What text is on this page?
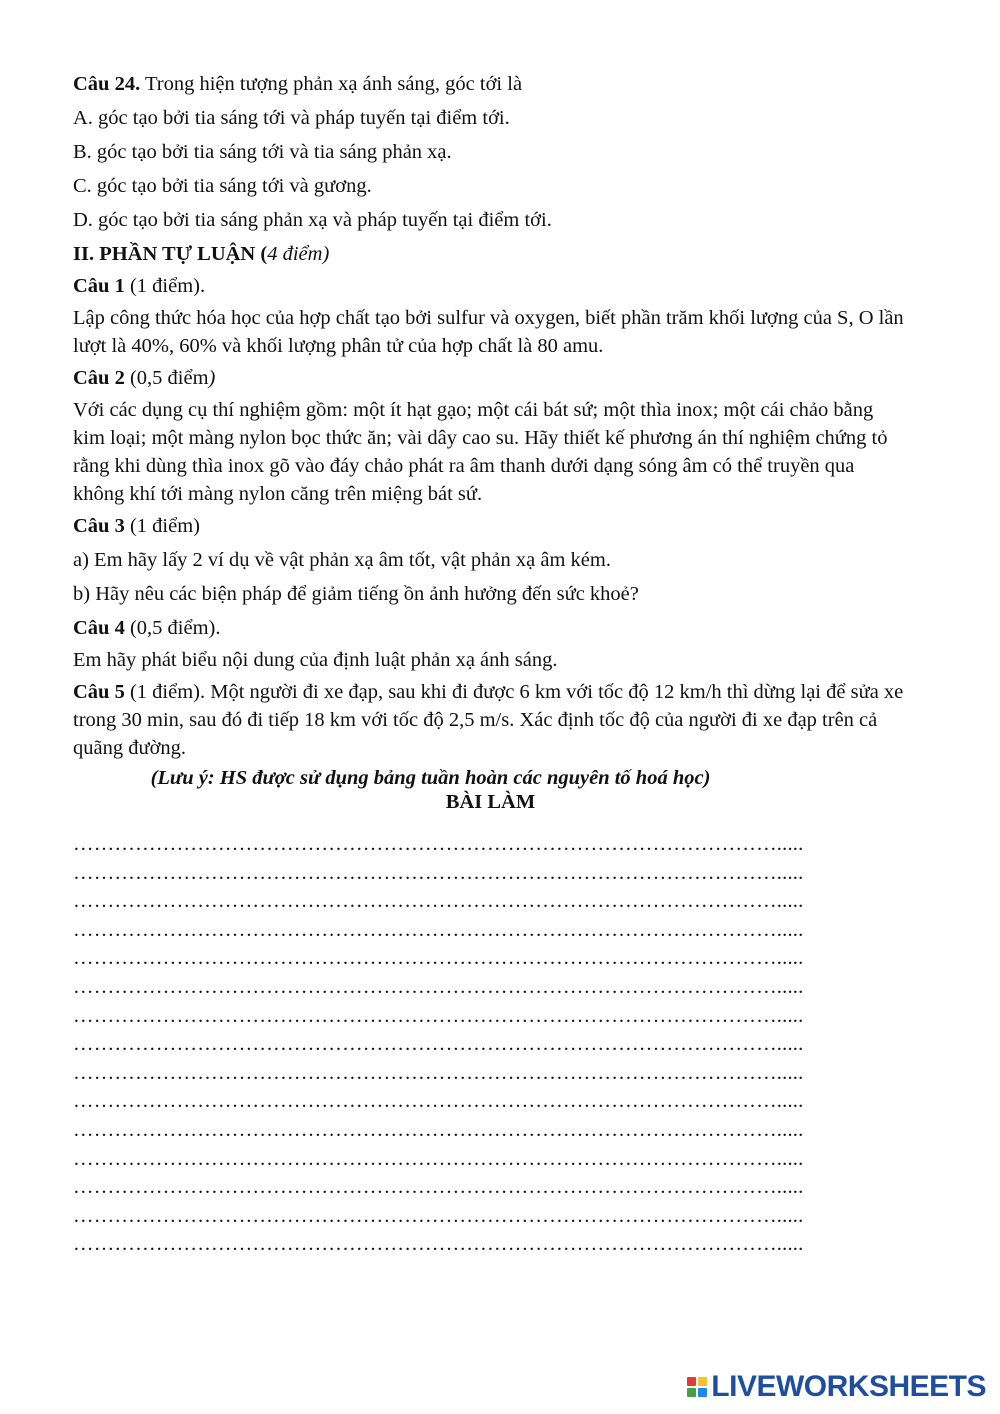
Câu 24. Trong hiện tượng phản xạ ánh sáng, góc tới là

A. góc tạo bởi tia sáng tới và pháp tuyến tại điểm tới.

B. góc tạo bởi tia sáng tới và tia sáng phản xạ.

C. góc tạo bởi tia sáng tới và gương.

D. góc tạo bởi tia sáng phản xạ và pháp tuyến tại điểm tới.

II. PHẦN TỰ LUẬN (4 điểm)

Câu 1 (1 điểm).

Lập công thức hóa học của hợp chất tạo bởi sulfur và oxygen, biết phần trăm khối lượng của S, O lần lượt là 40%, 60% và khối lượng phân tử của hợp chất là 80 amu.

Câu 2 (0,5 điểm)

Với các dụng cụ thí nghiệm gồm: một ít hạt gạo; một cái bát sứ; một thìa inox; một cái chảo bằng kim loại; một màng nylon bọc thức ăn; vài dây cao su. Hãy thiết kế phương án thí nghiệm chứng tỏ rằng khi dùng thìa inox gõ vào đáy chảo phát ra âm thanh dưới dạng sóng âm có thể truyền qua không khí tới màng nylon căng trên miệng bát sứ.

Câu 3 (1 điểm)

a) Em hãy lấy 2 ví dụ về vật phản xạ âm tốt, vật phản xạ âm kém.

b) Hãy nêu các biện pháp để giảm tiếng ồn ảnh hưởng đến sức khoẻ?

Câu 4 (0,5 điểm).

Em hãy phát biểu nội dung của định luật phản xạ ánh sáng.

Câu 5 (1 điểm). Một người đi xe đạp, sau khi đi được 6 km với tốc độ 12 km/h thì dừng lại để sửa xe trong 30 min, sau đó đi tiếp 18 km với tốc độ 2,5 m/s. Xác định tốc độ của người đi xe đạp trên cả quãng đường.

(Lưu ý: HS được sử dụng bảng tuần hoàn các nguyên tố hoá học)

BÀI LÀM

………………………………………………………………………………………….....
………………………………………………………………………………………….....
………………………………………………………………………………………….....
………………………………………………………………………………………….....
………………………………………………………………………………………….....
………………………………………………………………………………………….....
………………………………………………………………………………………….....
………………………………………………………………………………………….....
………………………………………………………………………………………….....
………………………………………………………………………………………….....
………………………………………………………………………………………….....
………………………………………………………………………………………….....
………………………………………………………………………………………….....
………………………………………………………………………………………….....
………………………………………………………………………………………….....
LIVEWORKSHEETS
